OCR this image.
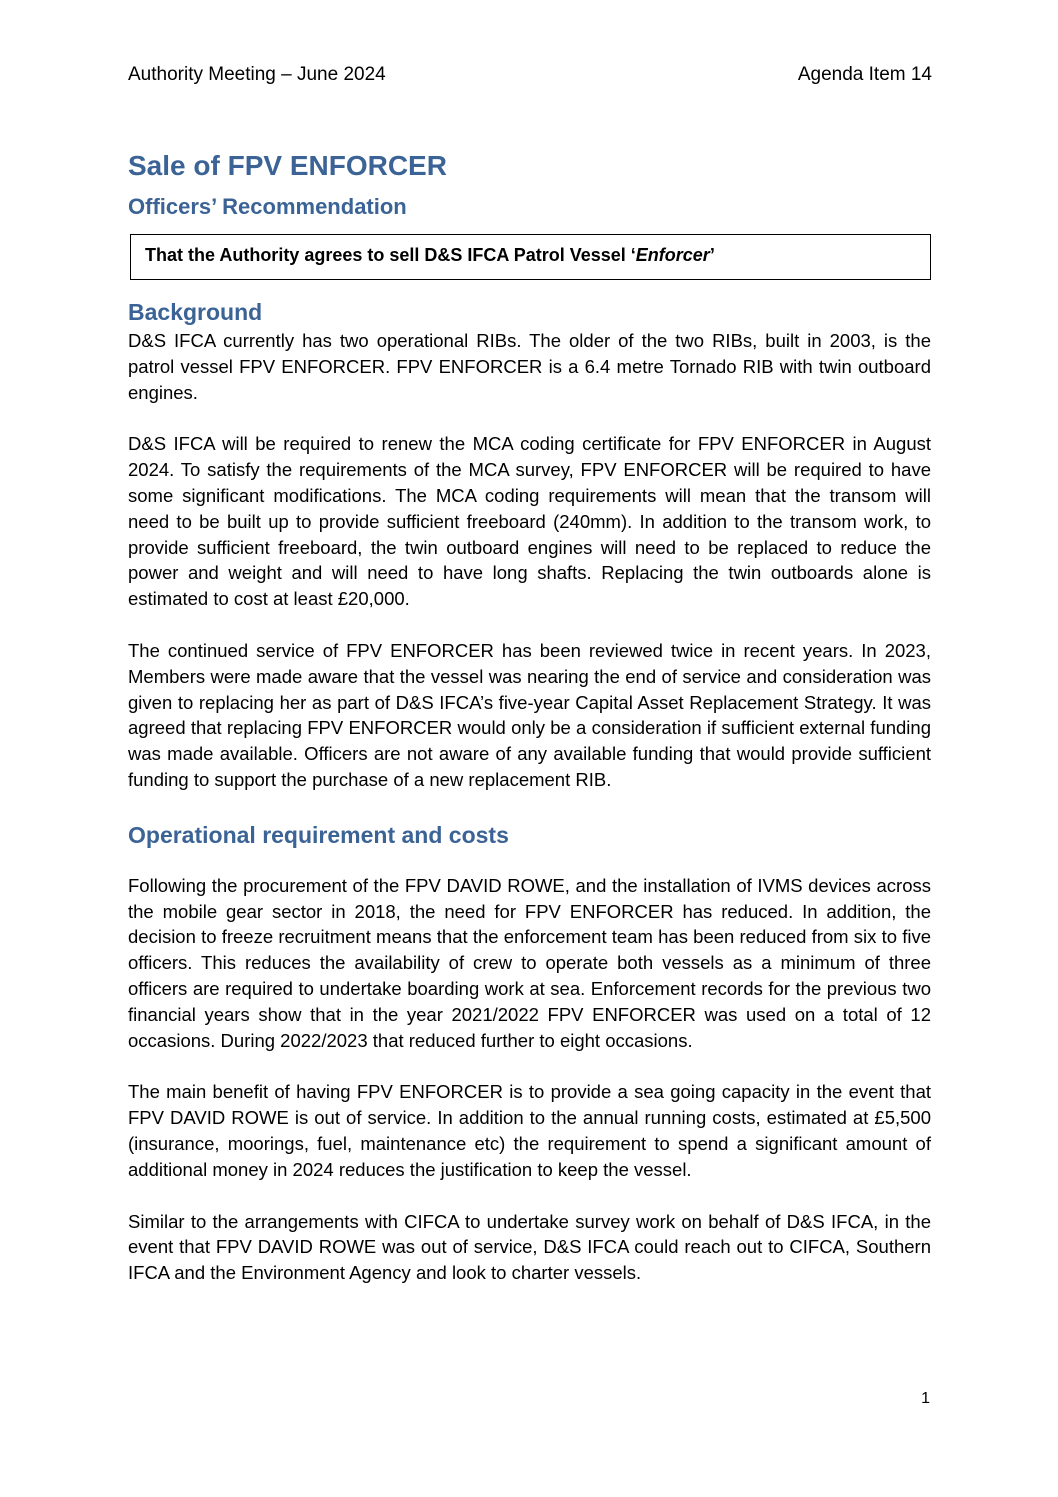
Authority Meeting – June 2024	Agenda Item 14
Sale of FPV ENFORCER
Officers’ Recommendation
That the Authority agrees to sell D&S IFCA Patrol Vessel ‘Enforcer’
Background

D&S IFCA currently has two operational RIBs. The older of the two RIBs, built in 2003, is the patrol vessel FPV ENFORCER. FPV ENFORCER is a 6.4 metre Tornado RIB with twin outboard engines.

D&S IFCA will be required to renew the MCA coding certificate for FPV ENFORCER in August 2024. To satisfy the requirements of the MCA survey, FPV ENFORCER will be required to have some significant modifications. The MCA coding requirements will mean that the transom will need to be built up to provide sufficient freeboard (240mm). In addition to the transom work, to provide sufficient freeboard, the twin outboard engines will need to be replaced to reduce the power and weight and will need to have long shafts. Replacing the twin outboards alone is estimated to cost at least £20,000.

The continued service of FPV ENFORCER has been reviewed twice in recent years. In 2023, Members were made aware that the vessel was nearing the end of service and consideration was given to replacing her as part of D&S IFCA’s five-year Capital Asset Replacement Strategy. It was agreed that replacing FPV ENFORCER would only be a consideration if sufficient external funding was made available. Officers are not aware of any available funding that would provide sufficient funding to support the purchase of a new replacement RIB.

Operational requirement and costs

Following the procurement of the FPV DAVID ROWE, and the installation of IVMS devices across the mobile gear sector in 2018, the need for FPV ENFORCER has reduced. In addition, the decision to freeze recruitment means that the enforcement team has been reduced from six to five officers. This reduces the availability of crew to operate both vessels as a minimum of three officers are required to undertake boarding work at sea. Enforcement records for the previous two financial years show that in the year 2021/2022 FPV ENFORCER was used on a total of 12 occasions. During 2022/2023 that reduced further to eight occasions.

The main benefit of having FPV ENFORCER is to provide a sea going capacity in the event that FPV DAVID ROWE is out of service. In addition to the annual running costs, estimated at £5,500 (insurance, moorings, fuel, maintenance etc) the requirement to spend a significant amount of additional money in 2024 reduces the justification to keep the vessel.

Similar to the arrangements with CIFCA to undertake survey work on behalf of D&S IFCA, in the event that FPV DAVID ROWE was out of service, D&S IFCA could reach out to CIFCA, Southern IFCA and the Environment Agency and look to charter vessels.

1
